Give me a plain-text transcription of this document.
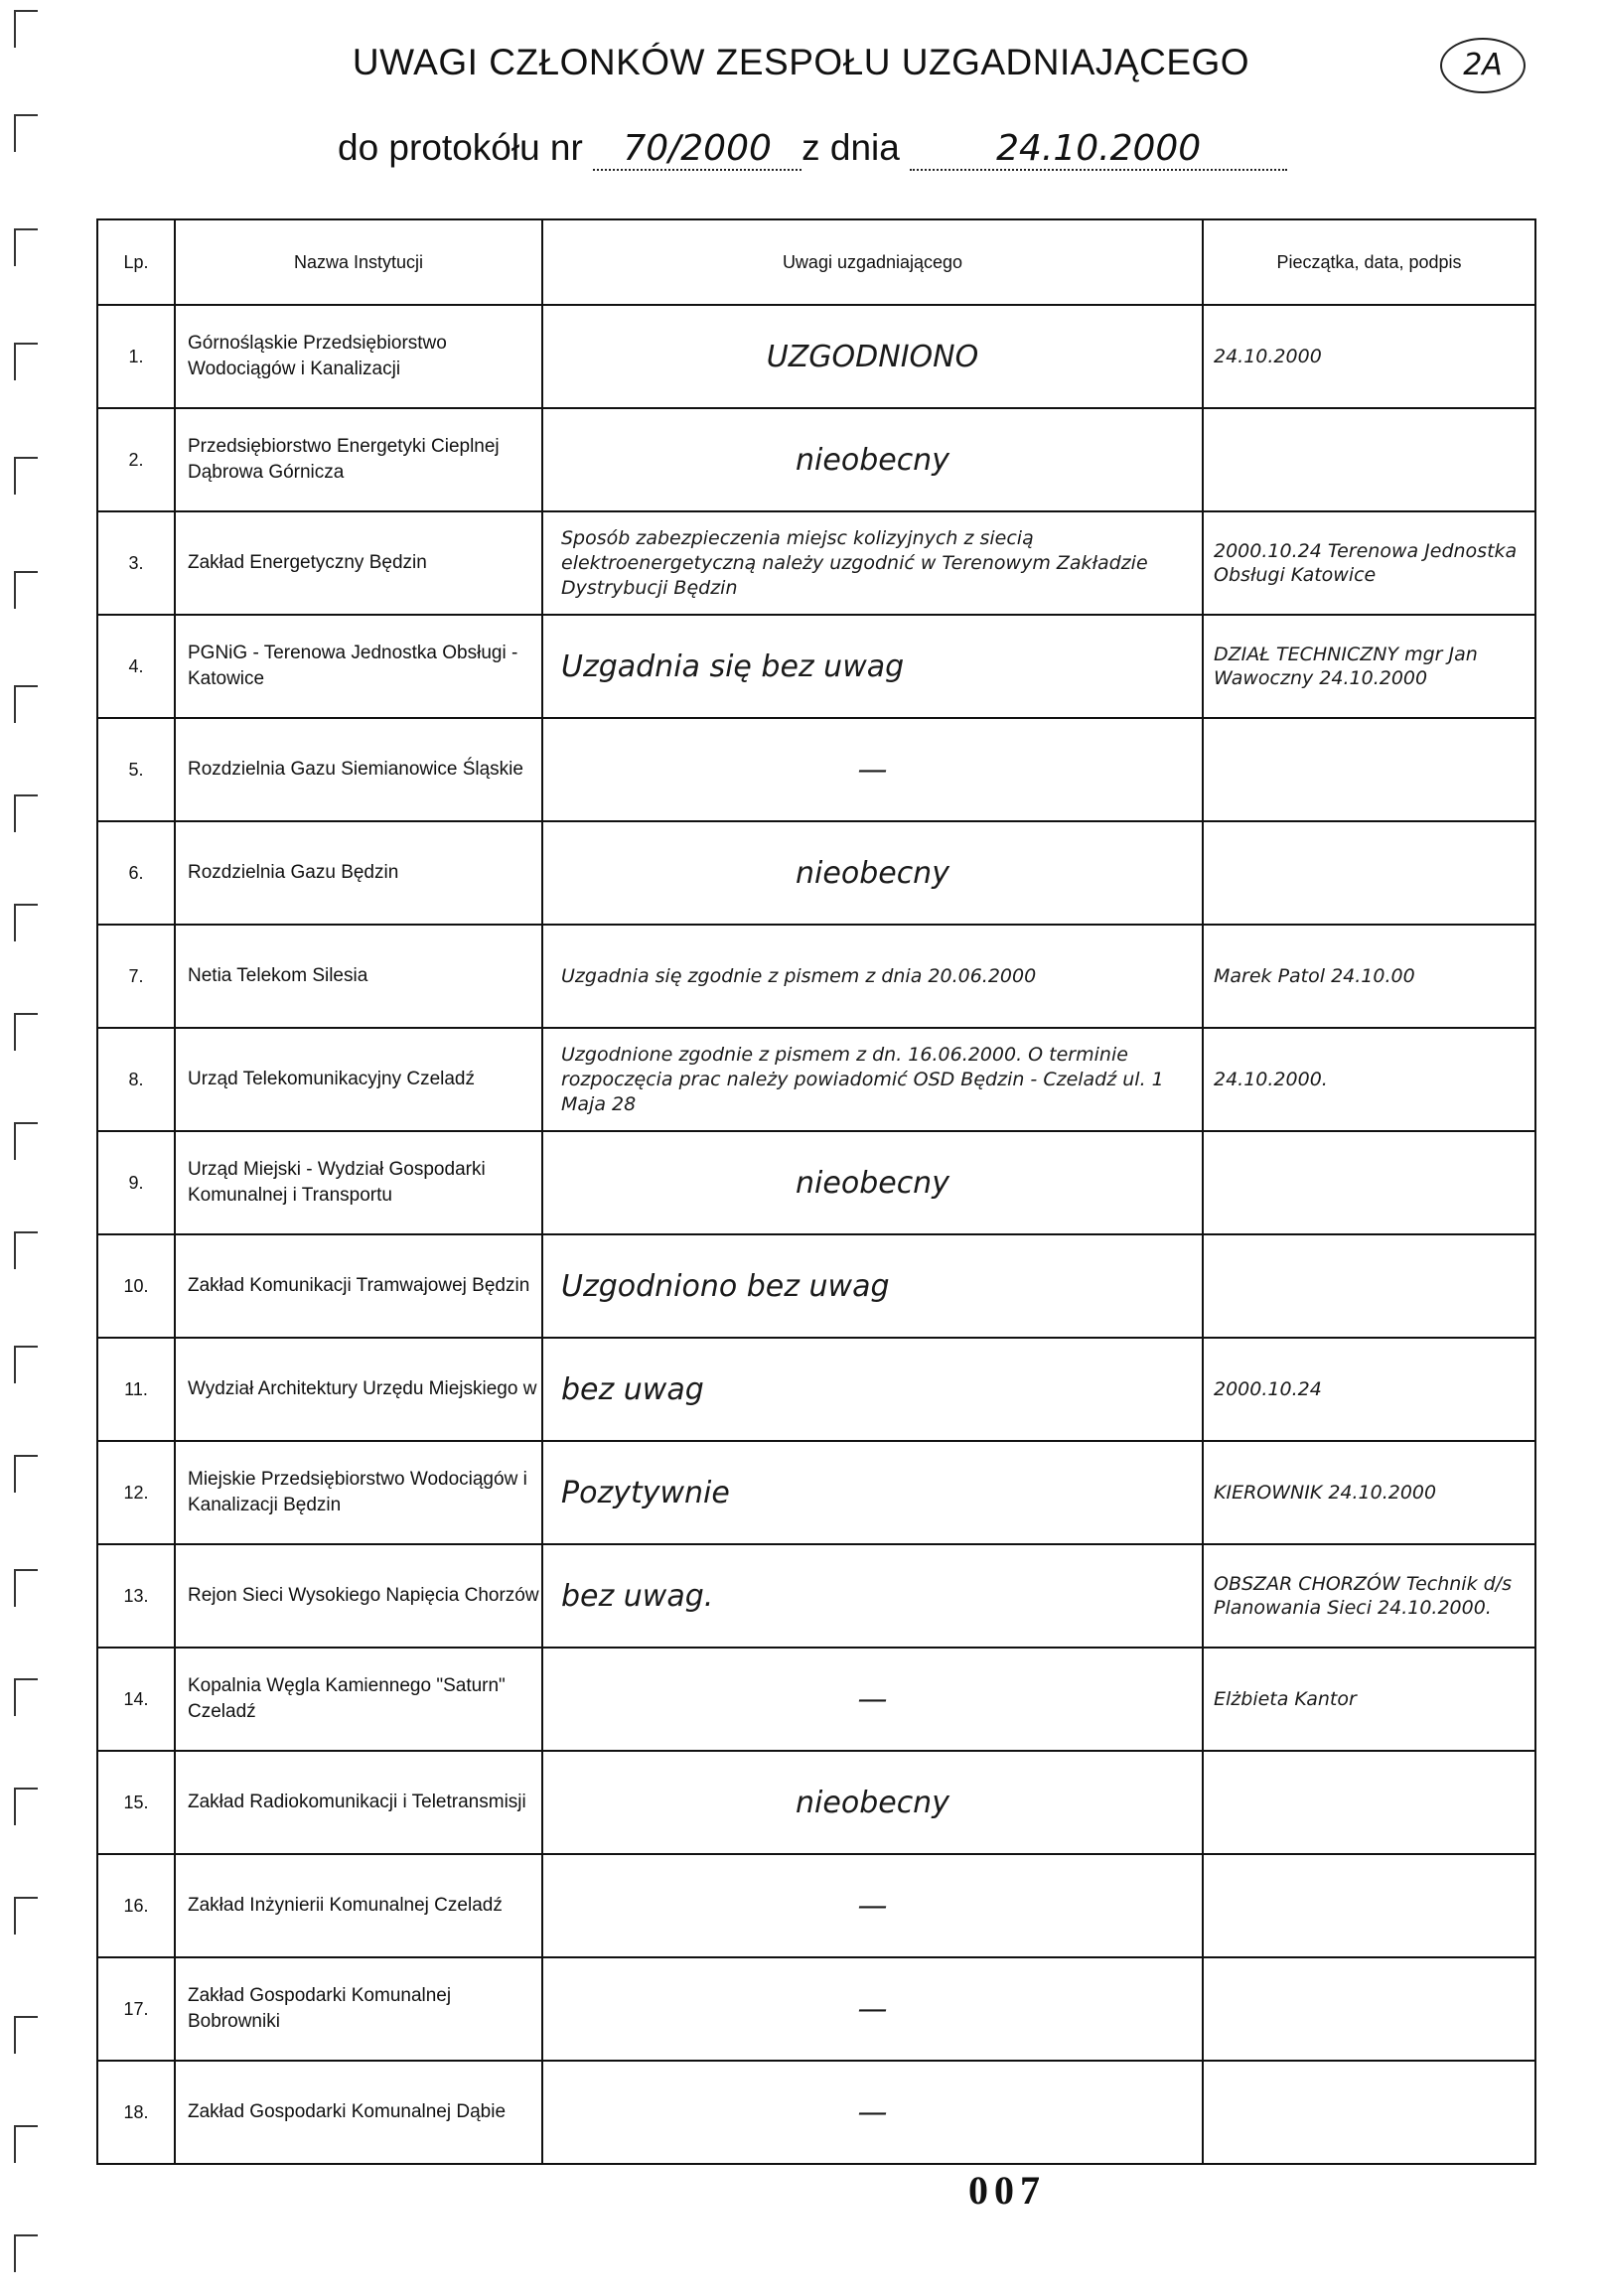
UWAGI CZŁONKÓW ZESPOŁU UZGADNIAJĄCEGO	2A
do protokółu nr 70/2000 z dnia	24.10.2000
Lp.	Nazwa Instytucji	Uwagi uzgadniającego	Pieczątka, data, podpis
1.	Górnośląskie Przedsiębiorstwo Wodociągów i Kanalizacji	UZGODNIONO	24.10.2000
2.	Przedsiębiorstwo Energetyki Cieplnej Dąbrowa Górnicza	nieobecny	
3.	Zakład Energetyczny Będzin	Sposób zabezpieczenia miejsc kolizyjnych z siecią elektroenergetyczną należy uzgodnić w Terenowym Zakładzie Dystrybucji Będzin	2000.10.24 Terenowa Jednostka Obsługi Katowice
4.	PGNiG - Terenowa Jednostka Obsługi - Katowice	Uzgadnia się bez uwag	DZIAŁ TECHNICZNY mgr Jan Wawoczny 24.10.2000
5.	Rozdzielnia Gazu Siemianowice Śląskie	—	
6.	Rozdzielnia Gazu Będzin	nieobecny	
7.	Netia Telekom Silesia	Uzgadnia się zgodnie z pismem z dnia 20.06.2000	Marek Patol 24.10.00
8.	Urząd Telekomunikacyjny Czeladź	Uzgodnione zgodnie z pismem z dn. 16.06.2000. O terminie rozpoczęcia prac należy powiadomić OSD Będzin - Czeladź ul. 1 Maja 28	24.10.2000.
9.	Urząd Miejski - Wydział Gospodarki Komunalnej i Transportu	nieobecny	
10.	Zakład Komunikacji Tramwajowej Będzin	Uzgodniono bez uwag	
11.	Wydział Architektury Urzędu Miejskiego w	bez uwag	2000.10.24
12.	Miejskie Przedsiębiorstwo Wodociągów i Kanalizacji Będzin	Pozytywnie	KIEROWNIK 24.10.2000
13.	Rejon Sieci Wysokiego Napięcia Chorzów	bez uwag.	OBSZAR CHORZÓW Technik d/s Planowania Sieci 24.10.2000.
14.	Kopalnia Węgla Kamiennego "Saturn" Czeladź	—	Elżbieta Kantor
15.	Zakład Radiokomunikacji i Teletransmisji	nieobecny	
16.	Zakład Inżynierii Komunalnej Czeladź	—	
17.	Zakład Gospodarki Komunalnej Bobrowniki	—	
18.	Zakład Gospodarki Komunalnej Dąbie	—	
007
